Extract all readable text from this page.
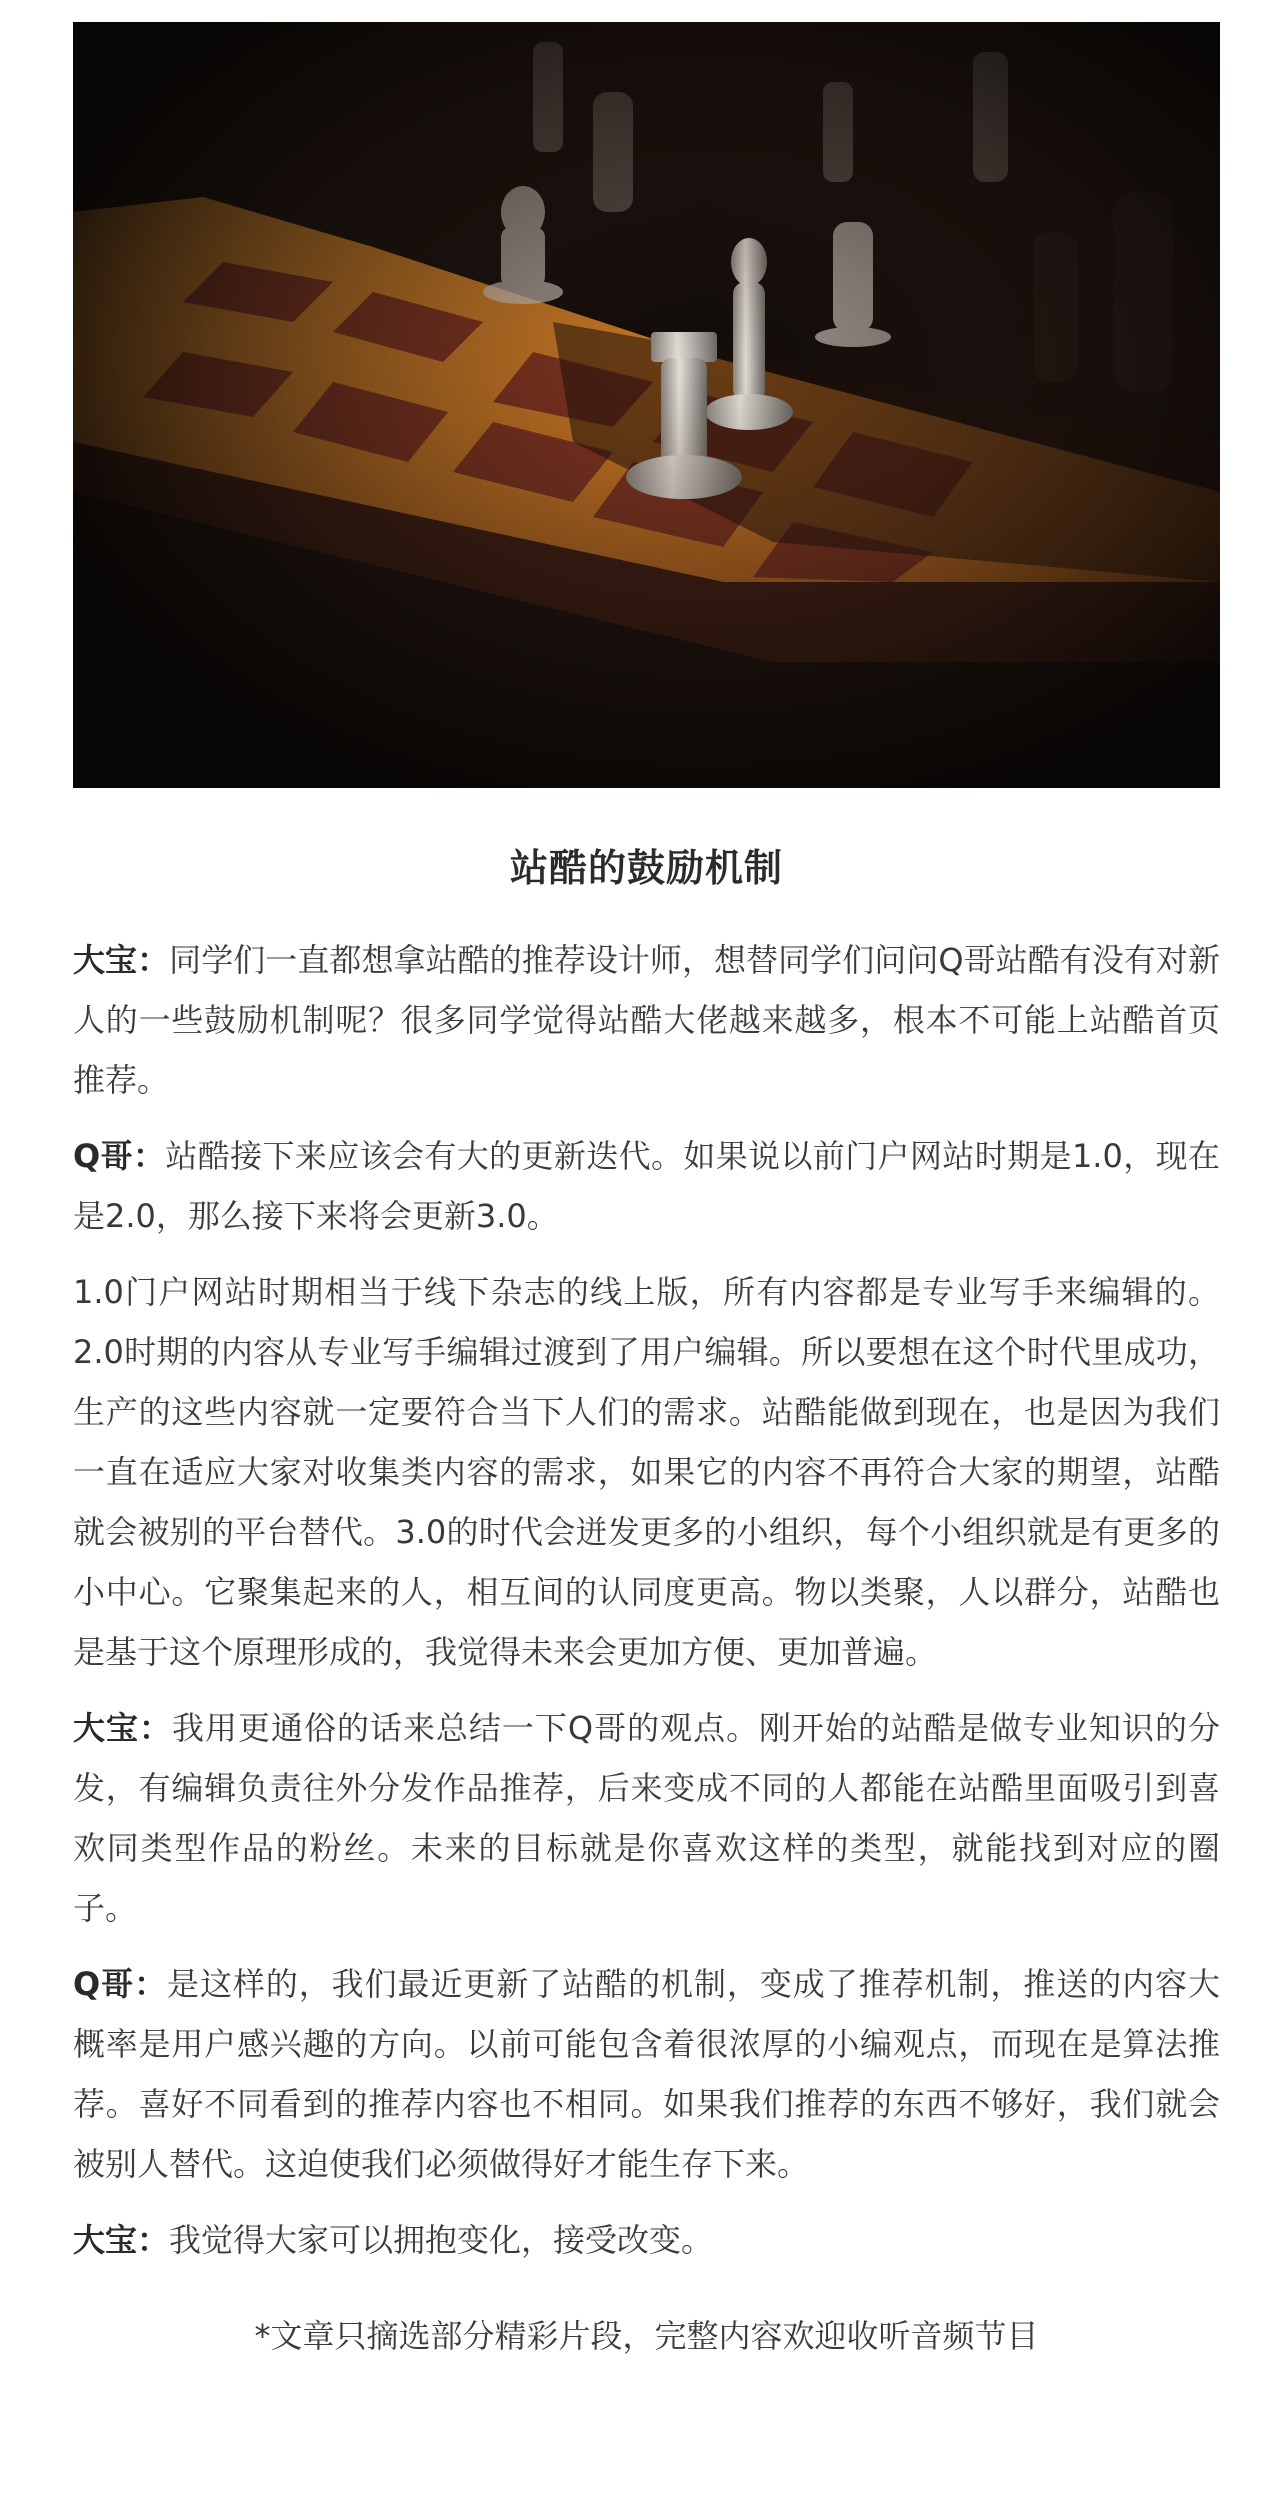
站酷的鼓励机制

大宝：同学们一直都想拿站酷的推荐设计师，想替同学们问问Q哥站酷有没有对新人的一些鼓励机制呢？很多同学觉得站酷大佬越来越多，根本不可能上站酷首页推荐。

Q哥：站酷接下来应该会有大的更新迭代。如果说以前门户网站时期是1.0，现在是2.0，那么接下来将会更新3.0。

1.0门户网站时期相当于线下杂志的线上版，所有内容都是专业写手来编辑的。2.0时期的内容从专业写手编辑过渡到了用户编辑。所以要想在这个时代里成功，生产的这些内容就一定要符合当下人们的需求。站酷能做到现在，也是因为我们一直在适应大家对收集类内容的需求，如果它的内容不再符合大家的期望，站酷就会被别的平台替代。3.0的时代会迸发更多的小组织，每个小组织就是有更多的小中心。它聚集起来的人，相互间的认同度更高。物以类聚，人以群分，站酷也是基于这个原理形成的，我觉得未来会更加方便、更加普遍。

大宝：我用更通俗的话来总结一下Q哥的观点。刚开始的站酷是做专业知识的分发，有编辑负责往外分发作品推荐，后来变成不同的人都能在站酷里面吸引到喜欢同类型作品的粉丝。未来的目标就是你喜欢这样的类型，就能找到对应的圈子。

Q哥：是这样的，我们最近更新了站酷的机制，变成了推荐机制，推送的内容大概率是用户感兴趣的方向。以前可能包含着很浓厚的小编观点，而现在是算法推荐。喜好不同看到的推荐内容也不相同。如果我们推荐的东西不够好，我们就会被别人替代。这迫使我们必须做得好才能生存下来。

大宝：我觉得大家可以拥抱变化，接受改变。

*文章只摘选部分精彩片段，完整内容欢迎收听音频节目
